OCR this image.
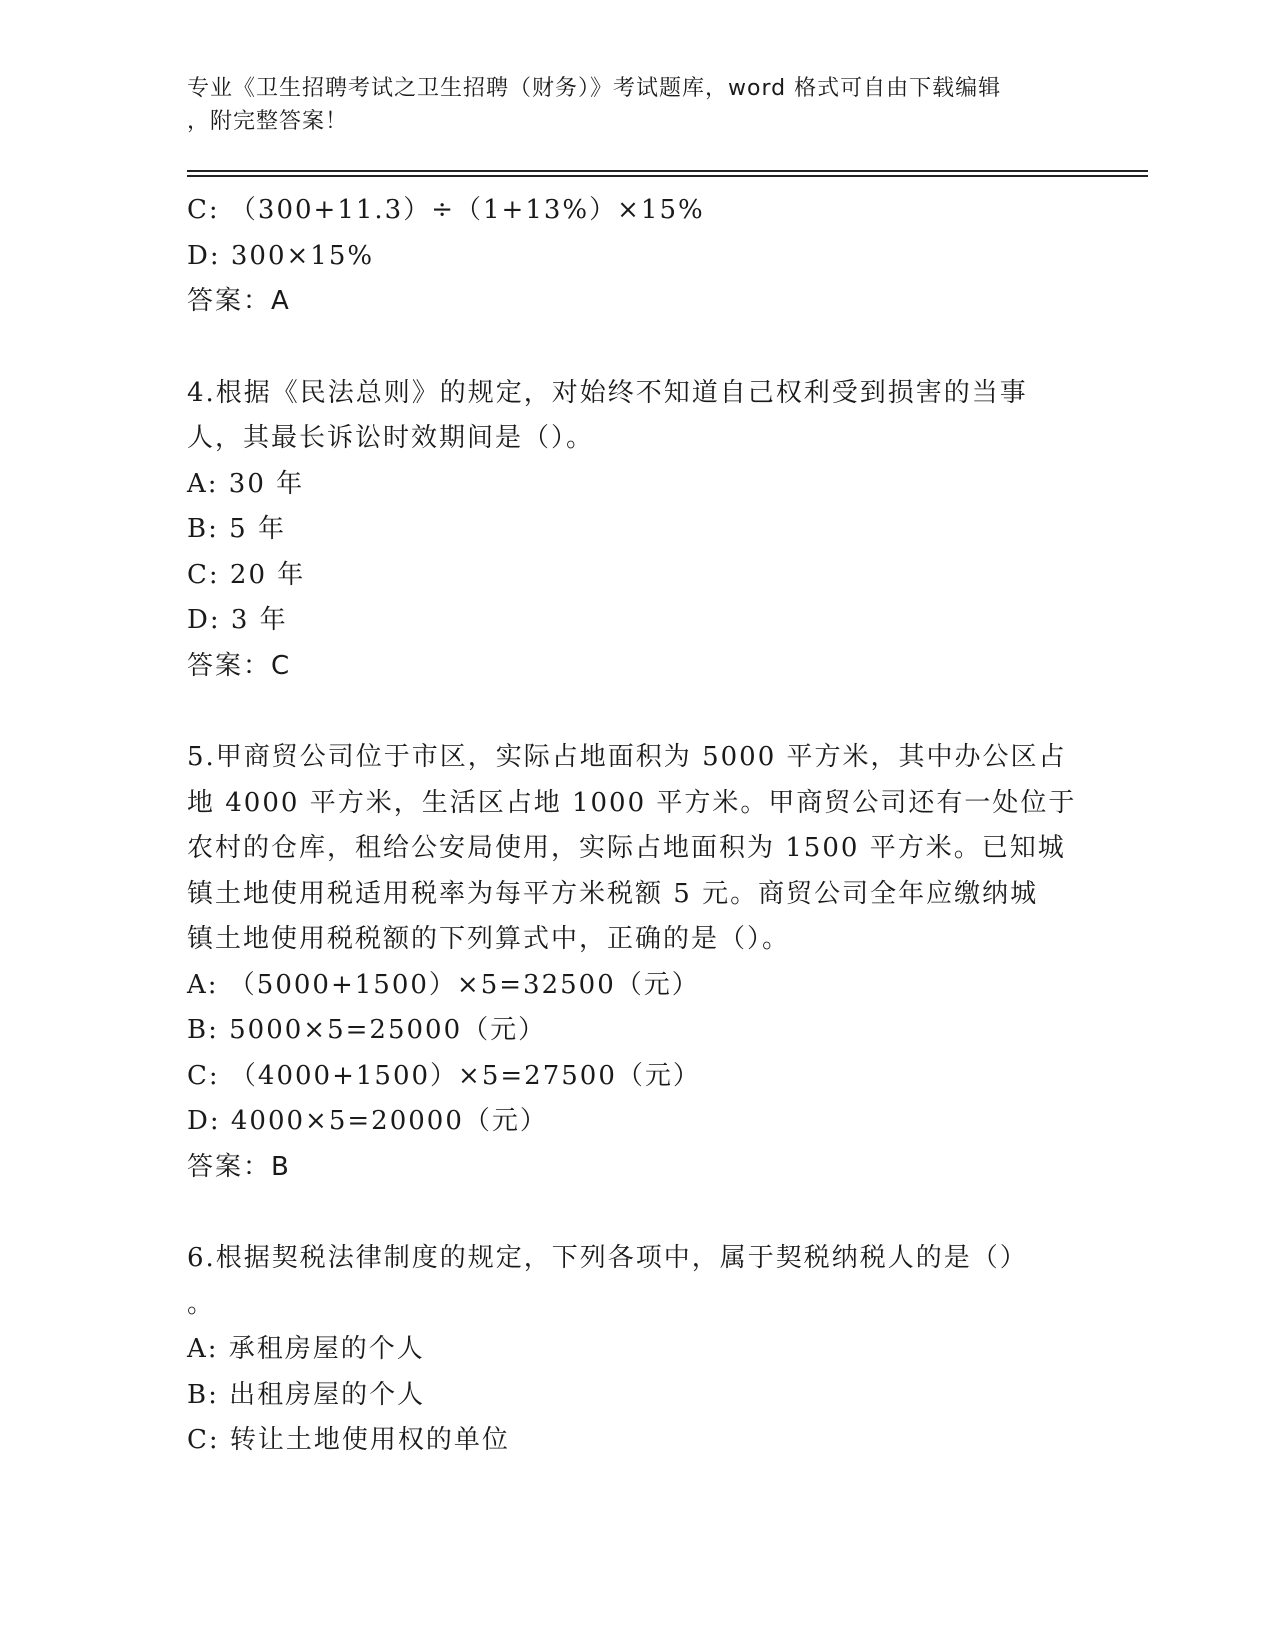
专业《卫生招聘考试之卫生招聘（财务）》考试题库，word 格式可自由下载编辑
，附完整答案！

C: （300+11.3）÷（1+13%）×15%

D: 300×15%

答案：A

4.根据《民法总则》的规定，对始终不知道自己权利受到损害的当事

人，其最长诉讼时效期间是（）。

A: 30 年

B: 5 年

C: 20 年

D: 3 年

答案：C

5.甲商贸公司位于市区，实际占地面积为 5000 平方米，其中办公区占

地 4000 平方米，生活区占地 1000 平方米。甲商贸公司还有一处位于

农村的仓库，租给公安局使用，实际占地面积为 1500 平方米。已知城

镇土地使用税适用税率为每平方米税额 5 元。商贸公司全年应缴纳城

镇土地使用税税额的下列算式中，正确的是（）。

A: （5000+1500）×5=32500（元）

B: 5000×5=25000（元）

C: （4000+1500）×5=27500（元）

D: 4000×5=20000（元）

答案：B

6.根据契税法律制度的规定，下列各项中，属于契税纳税人的是（）

。

A: 承租房屋的个人

B: 出租房屋的个人

C: 转让土地使用权的单位
